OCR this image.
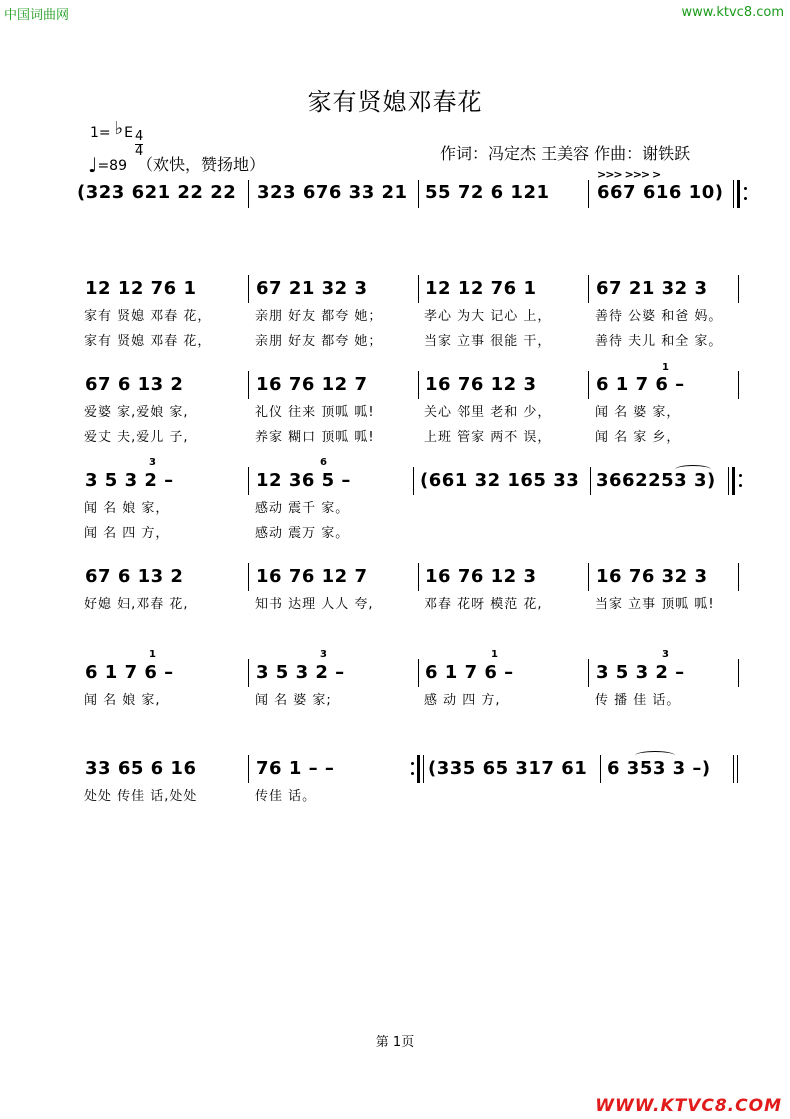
中国词曲网	www.ktvc8.com
家有贤媳邓春花
1= ♭E $\frac{4}{4}$
♩=89 （欢快，赞扬地）
作词：冯定杰 王美容 作曲：谢铁跃
>>> >>> >
(323 621 22 22 323 676 33 21 55 72 6 121	667 616 10)
12 12 76 1	67 21 32 3	12 12 76 1	67 21 32 3
家有 贤媳 邓春 花，	亲朋 好友 都夸 她；	孝心 为大 记心 上，	善待 公婆 和爸 妈。
家有 贤媳 邓春 花，	亲朋 好友 都夸 她；	当家 立事 很能 干，	善待 夫儿 和全 家。
1
67 6 13 2	16 76 12 7	16 76 12 3	6 1 7 6 –
爱婆 家,爱娘 家,	礼仪 往来 顶呱 呱!	关心 邻里 老和 少，	闻 名 婆 家，
爱丈 夫,爱儿 子,	养家 糊口 顶呱 呱!	上班 管家 两不 误，	闻 名 家 乡，
3	6
3 5 3 2 –	12 36 5 –	(661 32 165 33 3662253 3)
闻 名 娘 家，	感动 震千 家。
闻 名 四 方，	感动 震万 家。
67 6 13 2	16 76 12 7	16 76 12 3	16 76 32 3
好媳 妇,邓春 花,	知书 达理 人人 夸,	邓春 花呀 模范 花,	当家 立事 顶呱 呱!
1	3	1	3
6 1 7 6 –	3 5 3 2 –	6 1 7 6 –	3 5 3 2 –
闻 名 娘 家,	闻 名 婆 家;	感 动 四 方,	传 播 佳 话。
33 65 6 16	76 1 – –	(335 65 317 61 6 353 3 –)
处处 传佳 话,处处	传佳 话。
第 1页
WWW.KTVC8.COM
